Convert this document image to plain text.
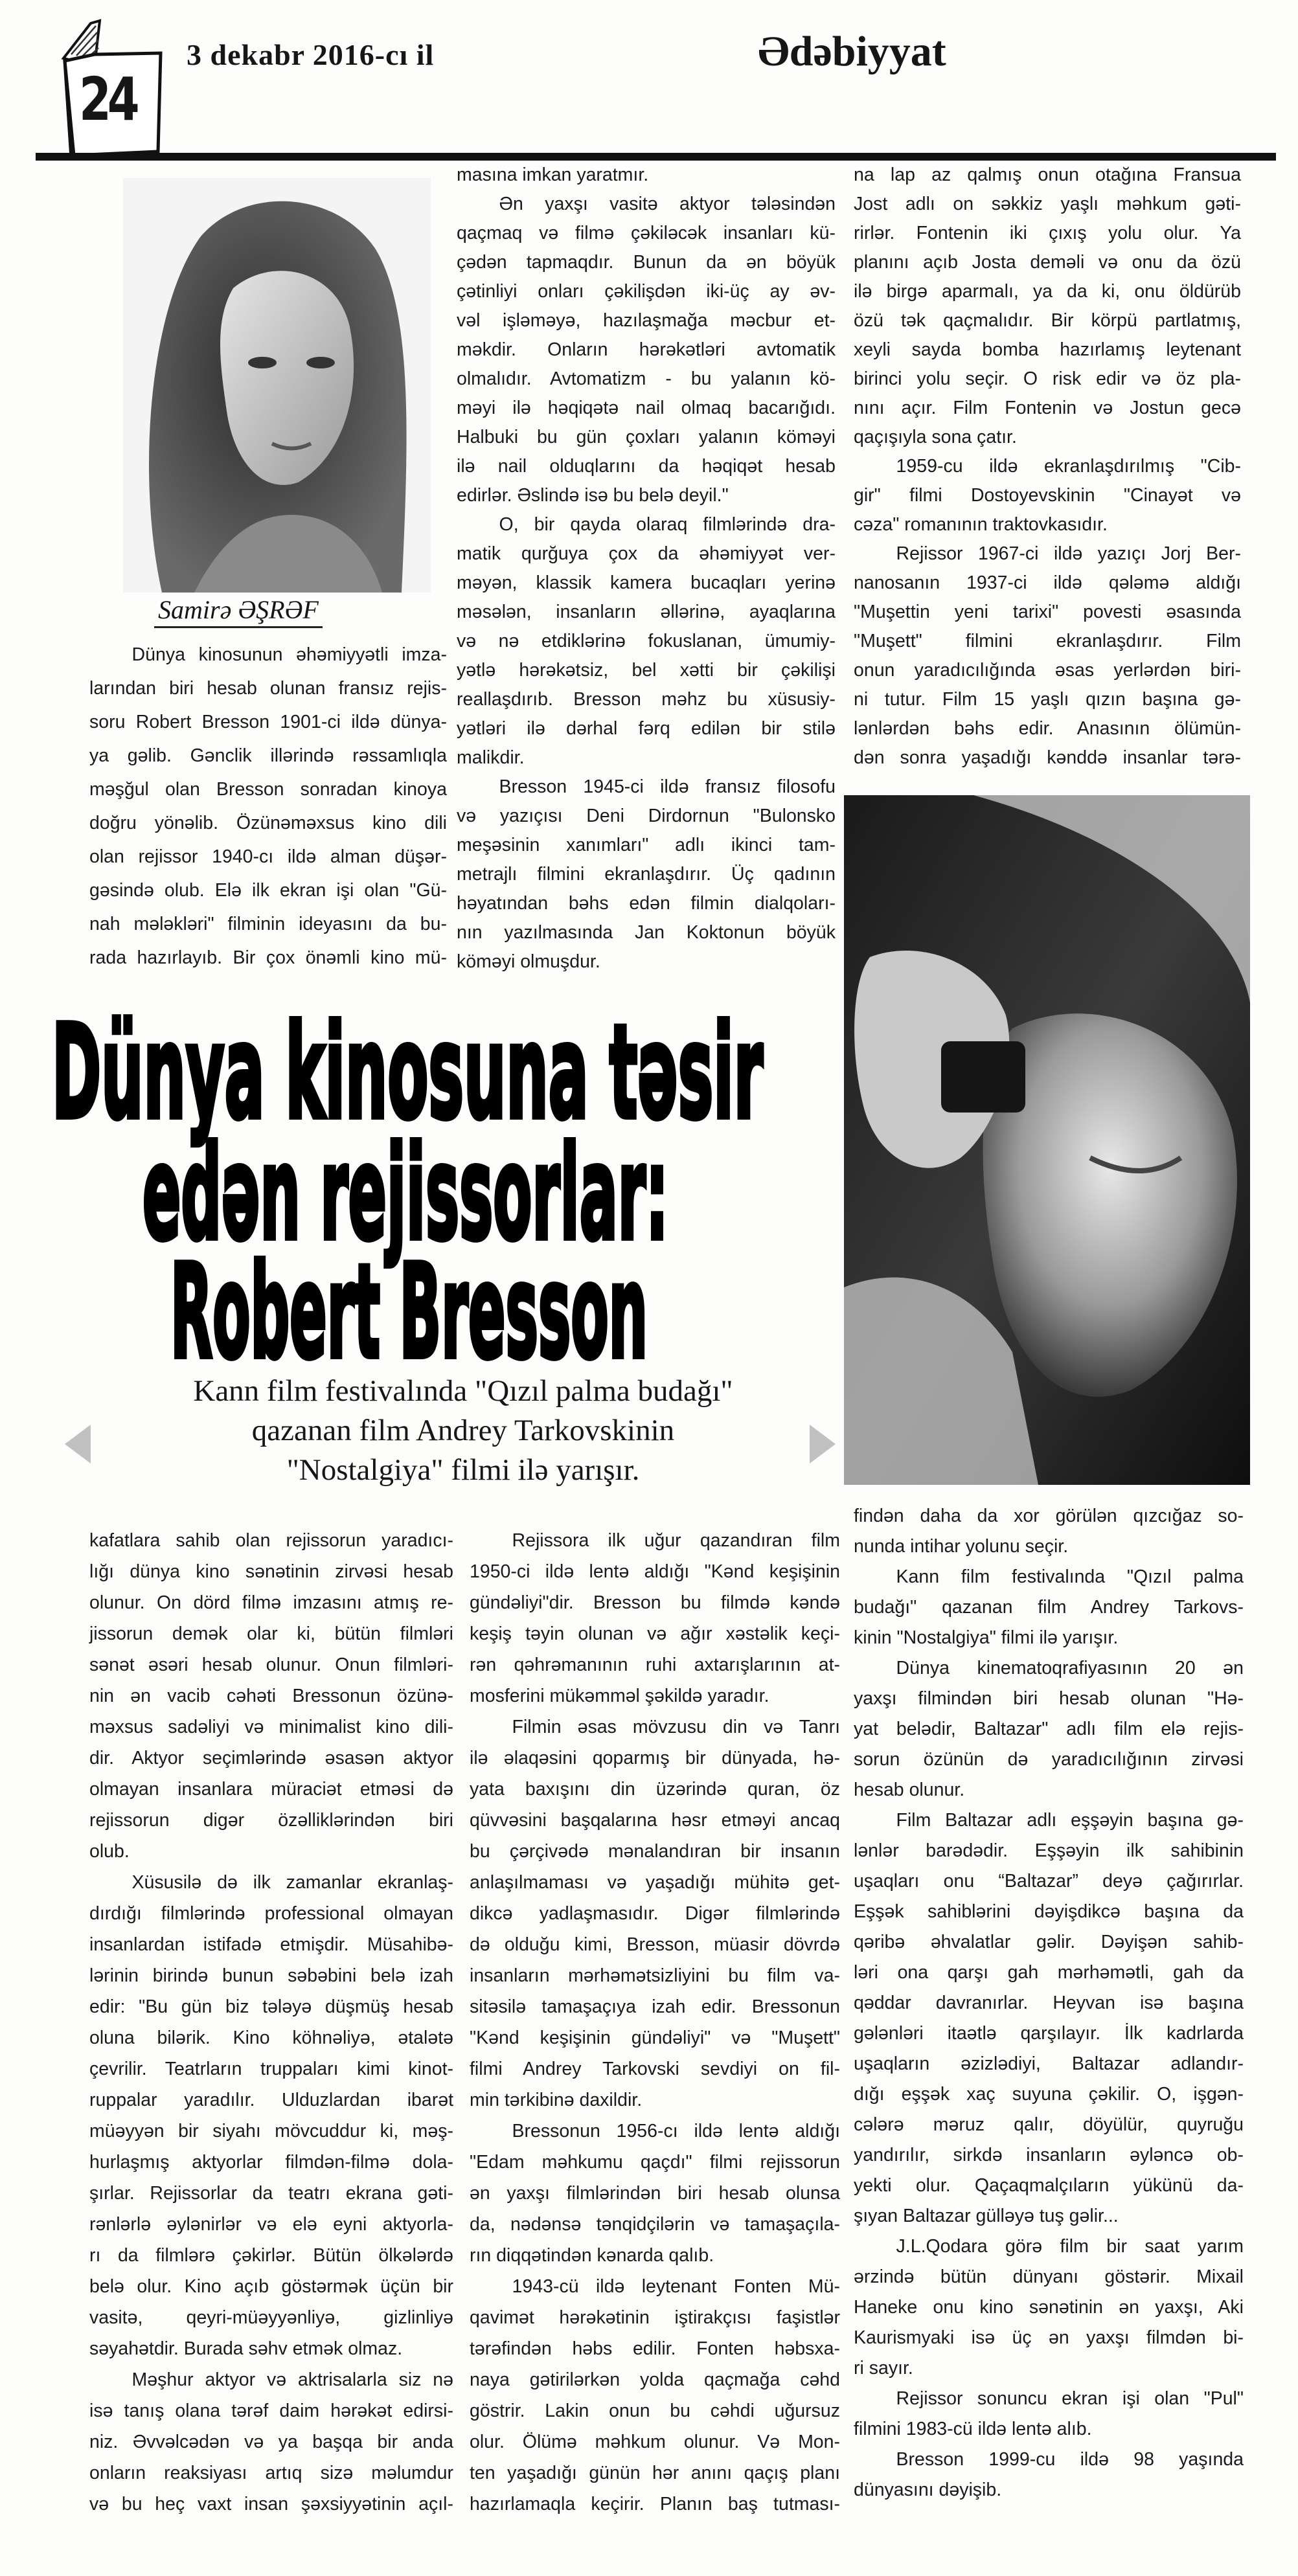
24
3 dekabr 2016-cı il	Ədəbiyyat
Samirə ƏŞRƏF
Dünya kinosunun əhəmiyyətli imza-
larından biri hesab olunan fransız rejis-
soru Robert Bresson 1901-ci ildə dünya-
ya gəlib. Gənclik illərində rəssamlıqla
məşğul olan Bresson sonradan kinoya
doğru yönəlib. Özünəməxsus kino dili
olan rejissor 1940-cı ildə alman düşər-
gəsində olub. Elə ilk ekran işi olan "Gü-
nah mələkləri" filminin ideyasını da bu-
rada hazırlayıb. Bir çox önəmli kino mü-
masına imkan yaratmır.
Ən yaxşı vasitə aktyor tələsindən
qaçmaq və filmə çəkiləcək insanları kü-
çədən tapmaqdır. Bunun da ən böyük
çətinliyi onları çəkilişdən iki-üç ay əv-
vəl işləməyə, hazılaşmağa məcbur et-
məkdir. Onların hərəkətləri avtomatik
olmalıdır. Avtomatizm - bu yalanın kö-
məyi ilə həqiqətə nail olmaq bacarığıdı.
Halbuki bu gün çoxları yalanın köməyi
ilə nail olduqlarını da həqiqət hesab
edirlər. Əslində isə bu belə deyil."
O, bir qayda olaraq filmlərində dra-
matik qurğuya çox da əhəmiyyət ver-
məyən, klassik kamera bucaqları yerinə
məsələn, insanların əllərinə, ayaqlarına
və nə etdiklərinə fokuslanan, ümumiy-
yətlə hərəkətsiz, bel xətti bir çəkilişi
reallaşdırıb. Bresson məhz bu xüsusiy-
yətləri ilə dərhal fərq edilən bir stilə
malikdir.
Bresson 1945-ci ildə fransız filosofu
və yazıçısı Deni Dirdornun "Bulonsko
meşəsinin xanımları" adlı ikinci tam-
metrajlı filmini ekranlaşdırır. Üç qadının
həyatından bəhs edən filmin dialqoları-
nın yazılmasında Jan Koktonun böyük
köməyi olmuşdur.
na lap az qalmış onun otağına Fransua
Jost adlı on səkkiz yaşlı məhkum gəti-
rirlər. Fontenin iki çıxış yolu olur. Ya
planını açıb Josta deməli və onu da özü
ilə birgə aparmalı, ya da ki, onu öldürüb
özü tək qaçmalıdır. Bir körpü partlatmış,
xeyli sayda bomba hazırlamış leytenant
birinci yolu seçir. O risk edir və öz pla-
nını açır. Film Fontenin və Jostun gecə
qaçışıyla sona çatır.
1959-cu ildə ekranlaşdırılmış "Cib-
gir" filmi Dostoyevskinin "Cinayət və
cəza" romanının traktovkasıdır.
Rejissor 1967-ci ildə yazıçı Jorj Ber-
nanosanın 1937-ci ildə qələmə aldığı
"Muşettin yeni tarixi" povesti əsasında
"Muşett" filmini ekranlaşdırır. Film
onun yaradıcılığında əsas yerlərdən biri-
ni tutur. Film 15 yaşlı qızın başına gə-
lənlərdən bəhs edir. Anasının ölümün-
dən sonra yaşadığı kənddə insanlar tərə-
Dünya kinosuna təsir
edən rejissorlar:
Robert Bresson
Kann film festivalında "Qızıl palma budağı"
qazanan film Andrey Tarkovskinin
"Nostalgiya" filmi ilə yarışır.
kafatlara sahib olan rejissorun yaradıcı-
lığı dünya kino sənətinin zirvəsi hesab
olunur. On dörd filmə imzasını atmış re-
jissorun demək olar ki, bütün filmləri
sənət əsəri hesab olunur. Onun filmləri-
nin ən vacib cəhəti Bressonun özünə-
məxsus sadəliyi və minimalist kino dili-
dir. Aktyor seçimlərində əsasən aktyor
olmayan insanlara müraciət etməsi də
rejissorun digər özəlliklərindən biri
olub.
Xüsusilə də ilk zamanlar ekranlaş-
dırdığı filmlərində professional olmayan
insanlardan istifadə etmişdir. Müsahibə-
lərinin birində bunun səbəbini belə izah
edir: "Bu gün biz tələyə düşmüş hesab
oluna bilərik. Kino köhnəliyə, ətalətə
çevrilir. Teatrların truppaları kimi kinot-
ruppalar yaradılır. Ulduzlardan ibarət
müəyyən bir siyahı mövcuddur ki, məş-
hurlaşmış aktyorlar filmdən-filmə dola-
şırlar. Rejissorlar da teatrı ekrana gəti-
rənlərlə əylənirlər və elə eyni aktyorla-
rı da filmlərə çəkirlər. Bütün ölkələrdə
belə olur. Kino açıb göstərmək üçün bir
vasitə, qeyri-müəyyənliyə, gizlinliyə
səyahətdir. Burada səhv etmək olmaz.
Məşhur aktyor və aktrisalarla siz nə
isə tanış olana tərəf daim hərəkət edirsi-
niz. Əvvəlcədən və ya başqa bir anda
onların reaksiyası artıq sizə məlumdur
və bu heç vaxt insan şəxsiyyətinin açıl-
Rejissora ilk uğur qazandıran film
1950-ci ildə lentə aldığı "Kənd keşişinin
gündəliyi"dir. Bresson bu filmdə kəndə
keşiş təyin olunan və ağır xəstəlik keçi-
rən qəhrəmanının ruhi axtarışlarının at-
mosferini mükəmməl şəkildə yaradır.
Filmin əsas mövzusu din və Tanrı
ilə əlaqəsini qoparmış bir dünyada, hə-
yata baxışını din üzərində quran, öz
qüvvəsini başqalarına həsr etməyi ancaq
bu çərçivədə mənalandıran bir insanın
anlaşılmaması və yaşadığı mühitə get-
dikcə yadlaşmasıdır. Digər filmlərində
də olduğu kimi, Bresson, müasir dövrdə
insanların mərhəmətsizliyini bu film va-
sitəsilə tamaşaçıya izah edir. Bressonun
"Kənd keşişinin gündəliyi" və "Muşett"
filmi Andrey Tarkovski sevdiyi on fil-
min tərkibinə daxildir.
Bressonun 1956-cı ildə lentə aldığı
"Edam məhkumu qaçdı" filmi rejissorun
ən yaxşı filmlərindən biri hesab olunsa
da, nədənsə tənqidçilərin və tamaşaçıla-
rın diqqətindən kənarda qalıb.
1943-cü ildə leytenant Fonten Mü-
qavimət hərəkətinin iştirakçısı faşistlər
tərəfindən həbs edilir. Fonten həbsxa-
naya gətirilərkən yolda qaçmağa cəhd
göstrir. Lakin onun bu cəhdi uğursuz
olur. Ölümə məhkum olunur. Və Mon-
ten yaşadığı günün hər anını qaçış planı
hazırlamaqla keçirir. Planın baş tutması-
findən daha da xor görülən qızcığaz so-
nunda intihar yolunu seçir.
Kann film festivalında "Qızıl palma
budağı" qazanan film Andrey Tarkovs-
kinin "Nostalgiya" filmi ilə yarışır.
Dünya kinematoqrafiyasının 20 ən
yaxşı filmindən biri hesab olunan "Hə-
yat belədir, Baltazar" adlı film elə rejis-
sorun özünün də yaradıcılığının zirvəsi
hesab olunur.
Film Baltazar adlı eşşəyin başına gə-
lənlər barədədir. Eşşəyin ilk sahibinin
uşaqları onu “Baltazar” deyə çağırırlar.
Eşşək sahiblərini dəyişdikcə başına da
qəribə əhvalatlar gəlir. Dəyişən sahib-
ləri ona qarşı gah mərhəmətli, gah da
qəddar davranırlar. Heyvan isə başına
gələnləri itaətlə qarşılayır. İlk kadrlarda
uşaqların əzizlədiyi, Baltazar adlandır-
dığı eşşək xaç suyuna çəkilir. O, işgən-
cələrə məruz qalır, döyülür, quyruğu
yandırılır, sirkdə insanların əyləncə ob-
yekti olur. Qaçaqmalçıların yükünü da-
şıyan Baltazar gülləyə tuş gəlir...
J.L.Qodara görə film bir saat yarım
ərzində bütün dünyanı göstərir. Mixail
Haneke onu kino sənətinin ən yaxşı, Aki
Kaurismyaki isə üç ən yaxşı filmdən bi-
ri sayır.
Rejissor sonuncu ekran işi olan "Pul"
filmini 1983-cü ildə lentə alıb.
Bresson 1999-cu ildə 98 yaşında
dünyasını dəyişib.
